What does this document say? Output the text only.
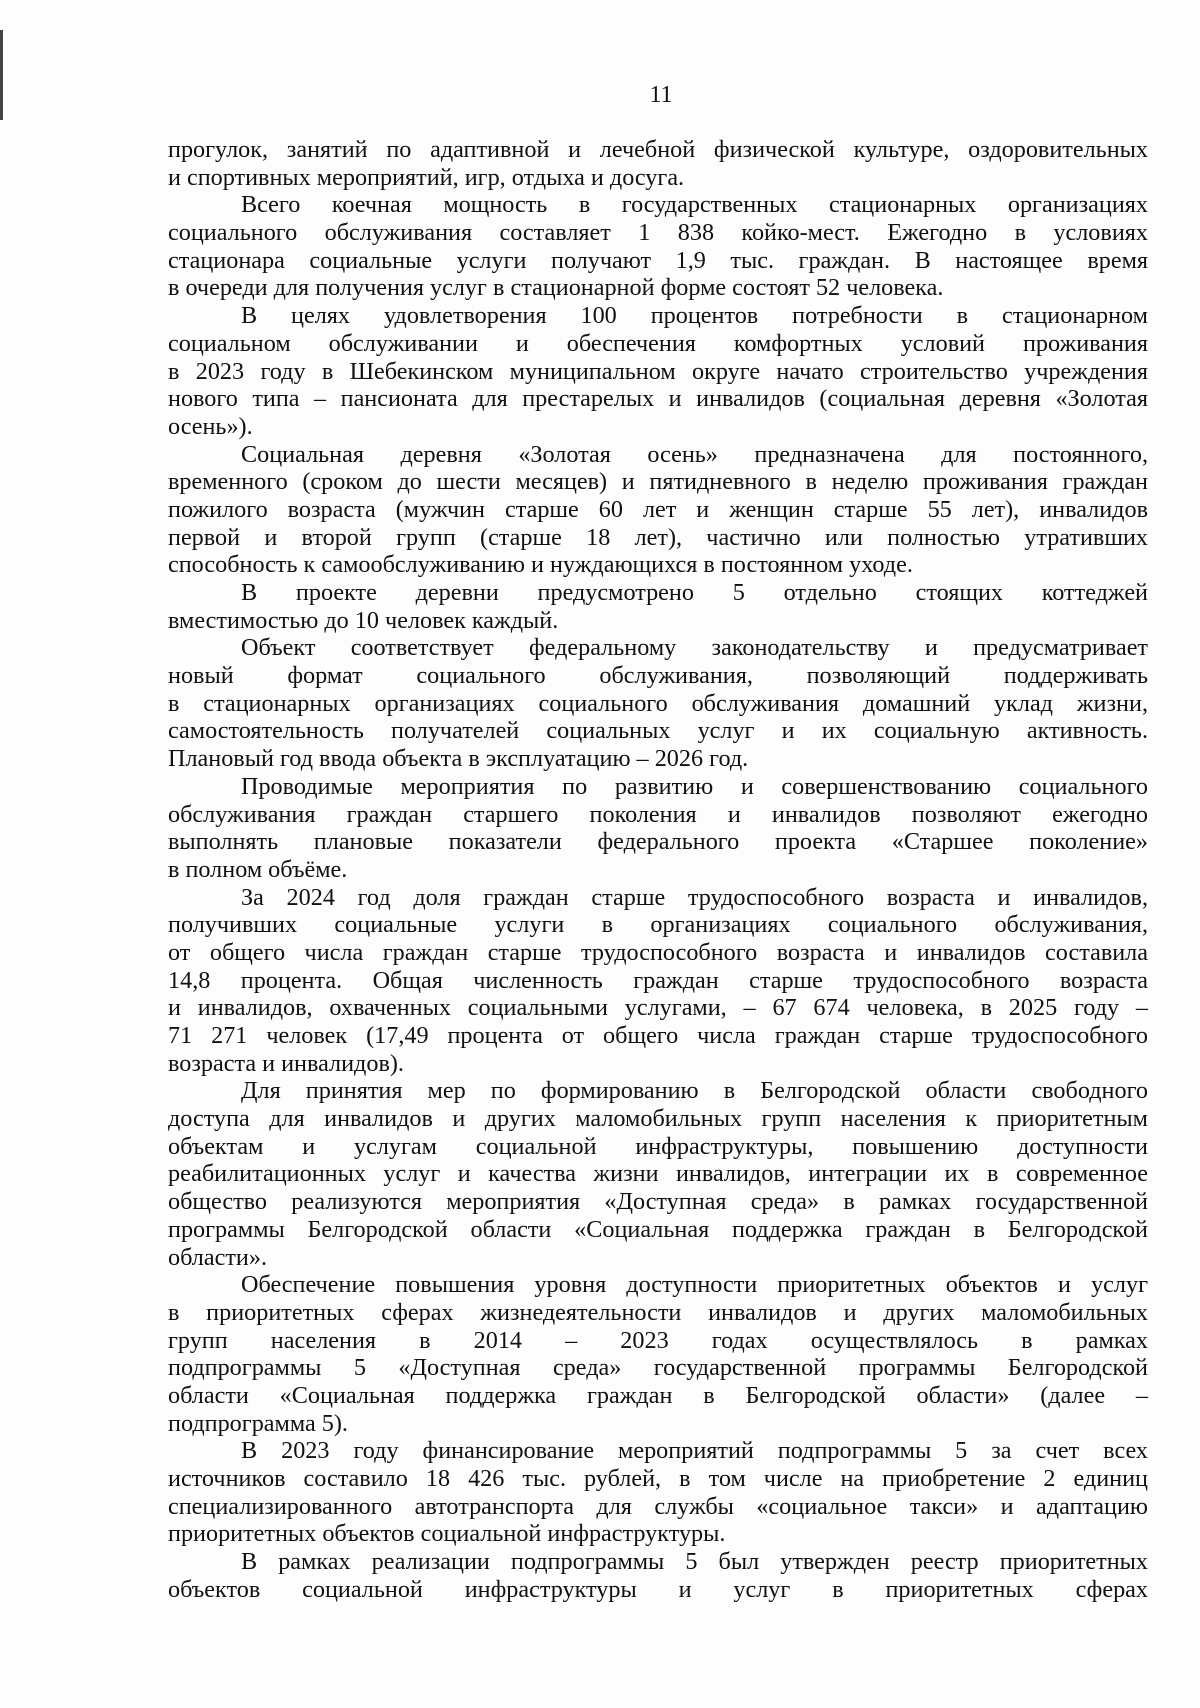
11
прогулок, занятий по адаптивной и лечебной физической культуре, оздоровительных
и спортивных мероприятий, игр, отдыха и досуга.
Всего коечная мощность в государственных стационарных организациях
социального обслуживания составляет 1 838 койко-мест. Ежегодно в условиях
стационара социальные услуги получают 1,9 тыс. граждан. В настоящее время
в очереди для получения услуг в стационарной форме состоят 52 человека.
В целях удовлетворения 100 процентов потребности в стационарном
социальном обслуживании и обеспечения комфортных условий проживания
в 2023 году в Шебекинском муниципальном округе начато строительство учреждения
нового типа – пансионата для престарелых и инвалидов (социальная деревня «Золотая
осень»).
Социальная деревня «Золотая осень» предназначена для постоянного,
временного (сроком до шести месяцев) и пятидневного в неделю проживания граждан
пожилого возраста (мужчин старше 60 лет и женщин старше 55 лет), инвалидов
первой и второй групп (старше 18 лет), частично или полностью утративших
способность к самообслуживанию и нуждающихся в постоянном уходе.
В проекте деревни предусмотрено 5 отдельно стоящих коттеджей
вместимостью до 10 человек каждый.
Объект соответствует федеральному законодательству и предусматривает
новый формат социального обслуживания, позволяющий поддерживать
в стационарных организациях социального обслуживания домашний уклад жизни,
самостоятельность получателей социальных услуг и их социальную активность.
Плановый год ввода объекта в эксплуатацию – 2026 год.
Проводимые мероприятия по развитию и совершенствованию социального
обслуживания граждан старшего поколения и инвалидов позволяют ежегодно
выполнять плановые показатели федерального проекта «Старшее поколение»
в полном объёме.
За 2024 год доля граждан старше трудоспособного возраста и инвалидов,
получивших социальные услуги в организациях социального обслуживания,
от общего числа граждан старше трудоспособного возраста и инвалидов составила
14,8 процента. Общая численность граждан старше трудоспособного возраста
и инвалидов, охваченных социальными услугами, – 67 674 человека, в 2025 году –
71 271 человек (17,49 процента от общего числа граждан старше трудоспособного
возраста и инвалидов).
Для принятия мер по формированию в Белгородской области свободного
доступа для инвалидов и других маломобильных групп населения к приоритетным
объектам и услугам социальной инфраструктуры, повышению доступности
реабилитационных услуг и качества жизни инвалидов, интеграции их в современное
общество реализуются мероприятия «Доступная среда» в рамках государственной
программы Белгородской области «Социальная поддержка граждан в Белгородской
области».
Обеспечение повышения уровня доступности приоритетных объектов и услуг
в приоритетных сферах жизнедеятельности инвалидов и других маломобильных
групп населения в 2014 – 2023 годах осуществлялось в рамках
подпрограммы 5 «Доступная среда» государственной программы Белгородской
области «Социальная поддержка граждан в Белгородской области» (далее –
подпрограмма 5).
В 2023 году финансирование мероприятий подпрограммы 5 за счет всех
источников составило 18 426 тыс. рублей, в том числе на приобретение 2 единиц
специализированного автотранспорта для службы «социальное такси» и адаптацию
приоритетных объектов социальной инфраструктуры.
В рамках реализации подпрограммы 5 был утвержден реестр приоритетных
объектов социальной инфраструктуры и услуг в приоритетных сферах
